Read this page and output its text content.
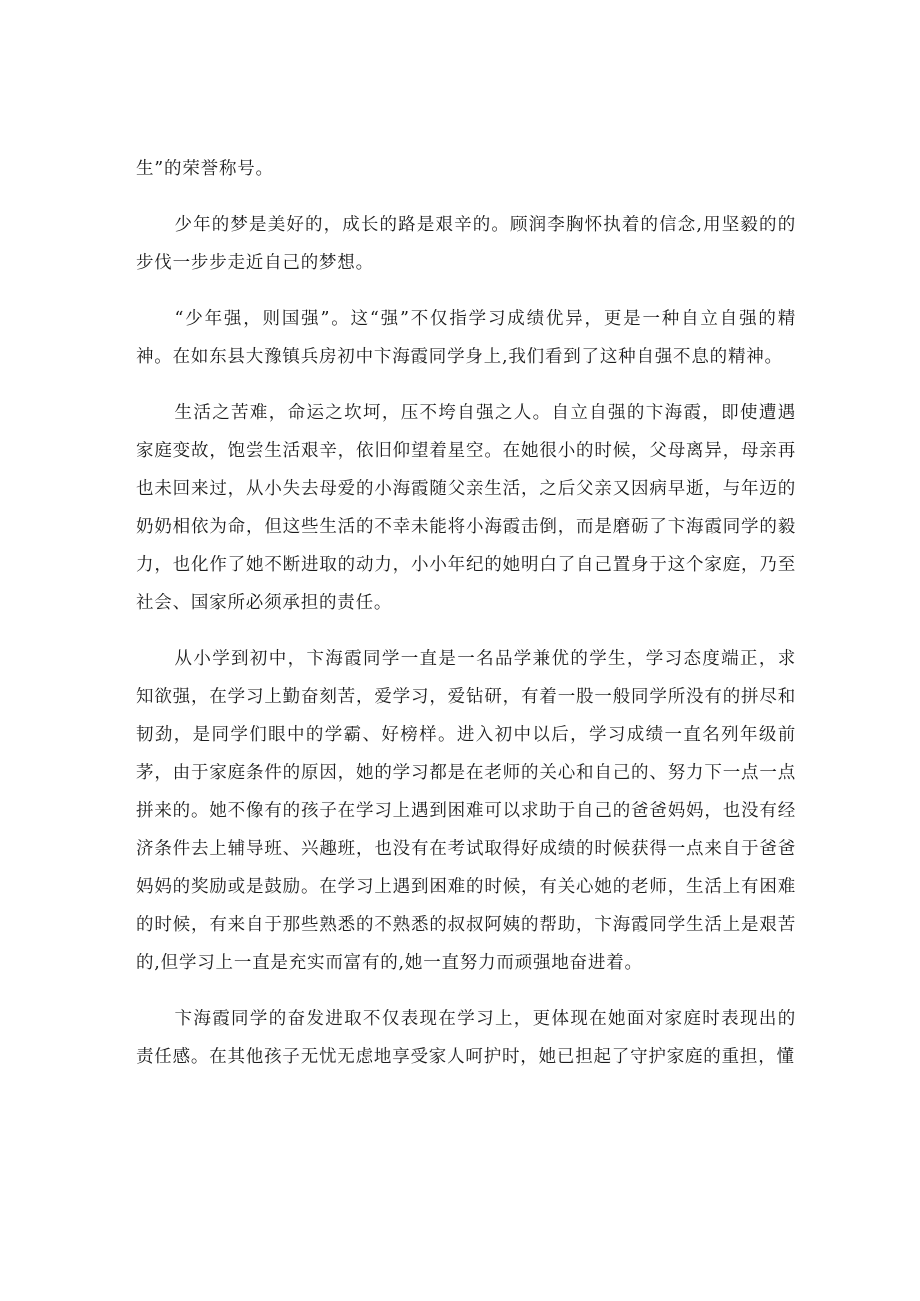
生”的荣誉称号。

少年的梦是美好的，成长的路是艰辛的。顾润李胸怀执着的信念,用坚毅的的步伐一步步走近自己的梦想。

“少年强，则国强”。这“强”不仅指学习成绩优异，更是一种自立自强的精神。在如东县大豫镇兵房初中卞海霞同学身上,我们看到了这种自强不息的精神。

生活之苦难，命运之坎坷，压不垮自强之人。自立自强的卞海霞，即使遭遇家庭变故，饱尝生活艰辛，依旧仰望着星空。在她很小的时候，父母离异，母亲再也未回来过，从小失去母爱的小海霞随父亲生活，之后父亲又因病早逝，与年迈的奶奶相依为命，但这些生活的不幸未能将小海霞击倒，而是磨砺了卞海霞同学的毅力，也化作了她不断进取的动力，小小年纪的她明白了自己置身于这个家庭，乃至社会、国家所必须承担的责任。

从小学到初中，卞海霞同学一直是一名品学兼优的学生，学习态度端正，求知欲强，在学习上勤奋刻苦，爱学习，爱钻研，有着一股一般同学所没有的拼尽和韧劲，是同学们眼中的学霸、好榜样。进入初中以后，学习成绩一直名列年级前茅，由于家庭条件的原因，她的学习都是在老师的关心和自己的、努力下一点一点拼来的。她不像有的孩子在学习上遇到困难可以求助于自己的爸爸妈妈，也没有经济条件去上辅导班、兴趣班，也没有在考试取得好成绩的时候获得一点来自于爸爸妈妈的奖励或是鼓励。在学习上遇到困难的时候，有关心她的老师，生活上有困难的时候，有来自于那些熟悉的不熟悉的叔叔阿姨的帮助，卞海霞同学生活上是艰苦的,但学习上一直是充实而富有的,她一直努力而顽强地奋进着。

卞海霞同学的奋发进取不仅表现在学习上，更体现在她面对家庭时表现出的责任感。在其他孩子无忧无虑地享受家人呵护时，她已担起了守护家庭的重担，懂
